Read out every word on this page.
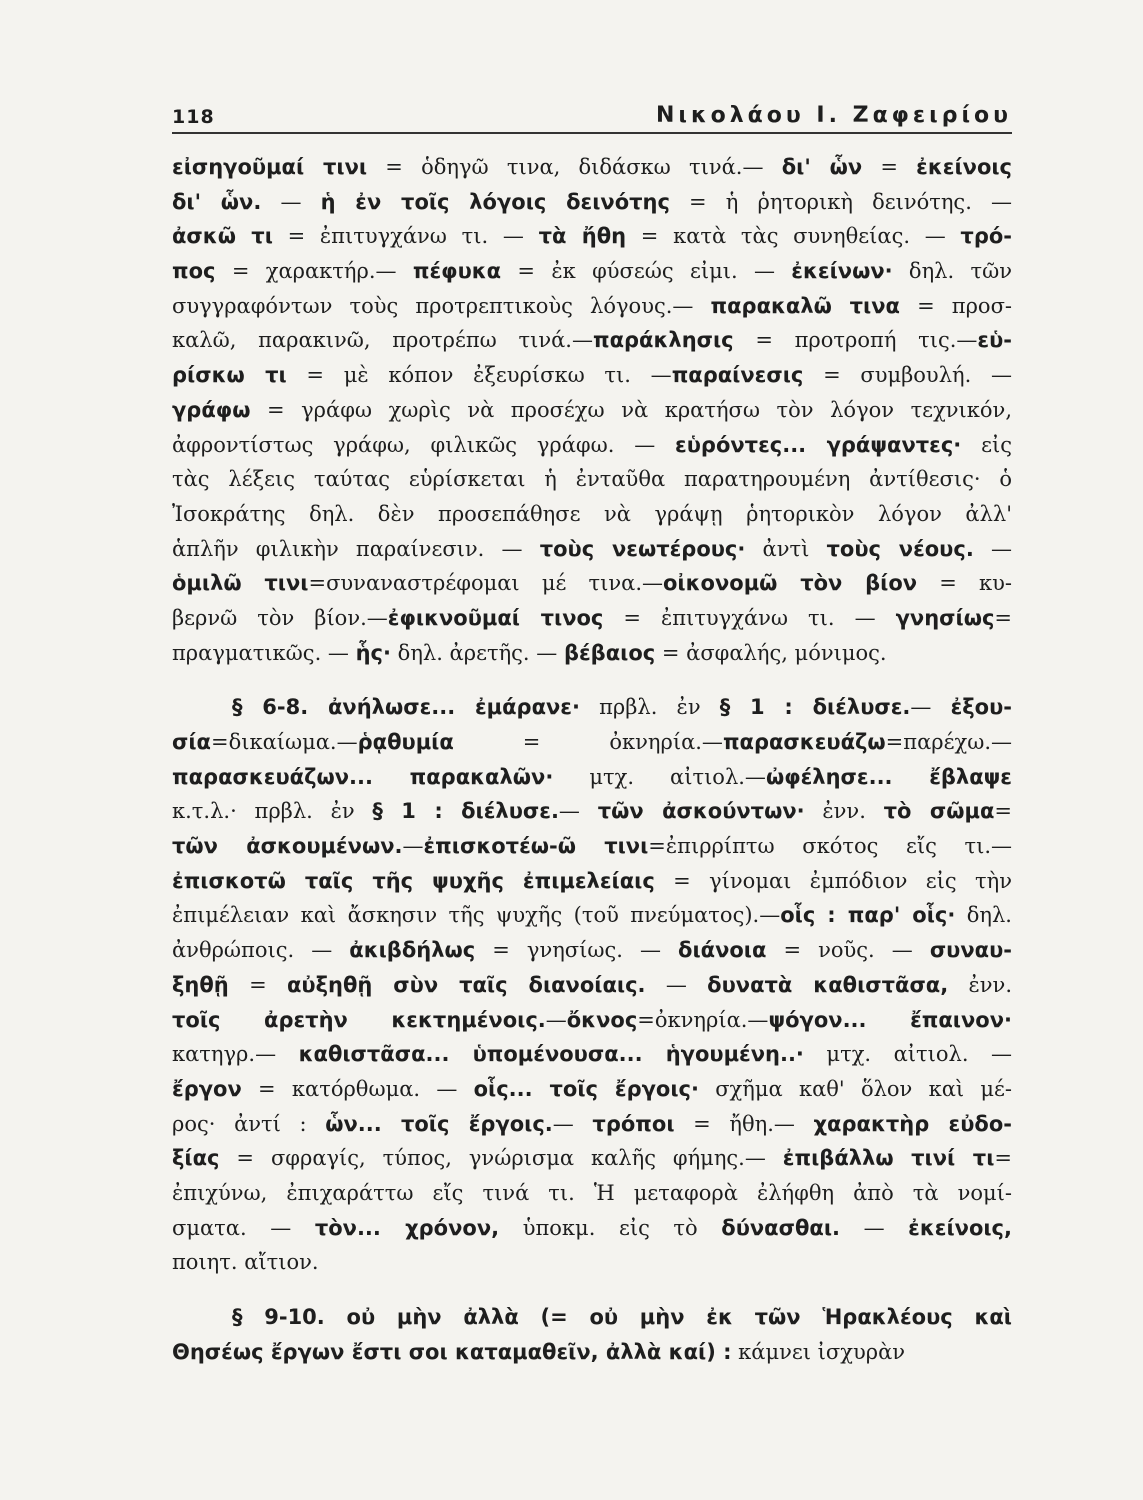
118	Νικολάου Ι. Ζαφειρίου
εἰσηγοῦμαί τινι = ὁδηγῶ τινα, διδάσκω τινά.— δι' ὧν = ἐκείνοις
δι' ὧν. — ἡ ἐν τοῖς λόγοις δεινότης = ἡ ῥητορικὴ δεινότης. —
ἀσκῶ τι = ἐπιτυγχάνω τι. — τὰ ἤθη = κατὰ τὰς συνηθείας. — τρό-
πος = χαρακτήρ.— πέφυκα = ἐκ φύσεώς εἰμι. — ἐκείνων· δηλ. τῶν
συγγραφόντων τοὺς προτρεπτικοὺς λόγους.— παρακαλῶ τινα = προσ-
καλῶ, παρακινῶ, προτρέπω τινά.—παράκλησις = προτροπή τις.—εὑ-
ρίσκω τι = μὲ κόπον ἐξευρίσκω τι. —παραίνεσις = συμβουλή. —
γράφω = γράφω χωρὶς νὰ προσέχω νὰ κρατήσω τὸν λόγον τεχνικόν,
ἀφροντίστως γράφω, φιλικῶς γράφω. — εὑρόντες... γράψαντες· εἰς
τὰς λέξεις ταύτας εὑρίσκεται ἡ ἐνταῦθα παρατηρουμένη ἀντίθεσις· ὁ
Ἰσοκράτης δηλ. δὲν προσεπάθησε νὰ γράψῃ ῥητορικὸν λόγον ἀλλ'
ἁπλῆν φιλικὴν παραίνεσιν. — τοὺς νεωτέρους· ἀντὶ τοὺς νέους. —
ὁμιλῶ τινι=συναναστρέφομαι μέ τινα.—οἰκονομῶ τὸν βίον = κυ-
βερνῶ τὸν βίον.—ἐφικνοῦμαί τινος = ἐπιτυγχάνω τι. — γνησίως=
πραγματικῶς. — ἧς· δηλ. ἀρετῆς. — βέβαιος = ἀσφαλής, μόνιμος.
§ 6-8. ἀνήλωσε... ἐμάρανε· πρβλ. ἐν § 1 : διέλυσε.— ἐξου-
σία=δικαίωμα.—ῥᾳθυμία = ὀκνηρία.—παρασκευάζω=παρέχω.—
παρασκευάζων... παρακαλῶν· μτχ. αἰτιολ.—ὠφέλησε... ἔβλαψε
κ.τ.λ.· πρβλ. ἐν § 1 : διέλυσε.— τῶν ἀσκούντων· ἐνν. τὸ σῶμα=
τῶν ἀσκουμένων.—ἐπισκοτέω-ῶ τινι=ἐπιρρίπτω σκότος εἴς τι.—
ἐπισκοτῶ ταῖς τῆς ψυχῆς ἐπιμελείαις = γίνομαι ἐμπόδιον εἰς τὴν
ἐπιμέλειαν καὶ ἄσκησιν τῆς ψυχῆς (τοῦ πνεύματος).—οἷς : παρ' οἷς· δηλ.
ἀνθρώποις. — ἀκιβδήλως = γνησίως. — διάνοια = νοῦς. — συναυ-
ξηθῇ = αὐξηθῇ σὺν ταῖς διανοίαις. — δυνατὰ καθιστᾶσα, ἐνν.
τοῖς ἀρετὴν κεκτημένοις.—ὄκνος=ὀκνηρία.—ψόγον... ἔπαινον·
κατηγρ.— καθιστᾶσα... ὑπομένουσα... ἡγουμένη..· μτχ. αἰτιολ. —
ἔργον = κατόρθωμα. — οἷς... τοῖς ἔργοις· σχῆμα καθ' ὅλον καὶ μέ-
ρος· ἀντί : ὧν... τοῖς ἔργοις.— τρόποι = ἤθη.— χαρακτὴρ εὐδο-
ξίας = σφραγίς, τύπος, γνώρισμα καλῆς φήμης.— ἐπιβάλλω τινί τι=
ἐπιχύνω, ἐπιχαράττω εἴς τινά τι. Ἡ μεταφορὰ ἐλήφθη ἀπὸ τὰ νομί-
σματα. — τὸν... χρόνον, ὑποκμ. εἰς τὸ δύνασθαι. — ἐκείνοις,
ποιητ. αἴτιον.
§ 9-10. οὐ μὴν ἀλλὰ (= οὐ μὴν ἐκ τῶν Ἡρακλέους καὶ
Θησέως ἔργων ἔστι σοι καταμαθεῖν, ἀλλὰ καί) : κάμνει ἰσχυρὰν
